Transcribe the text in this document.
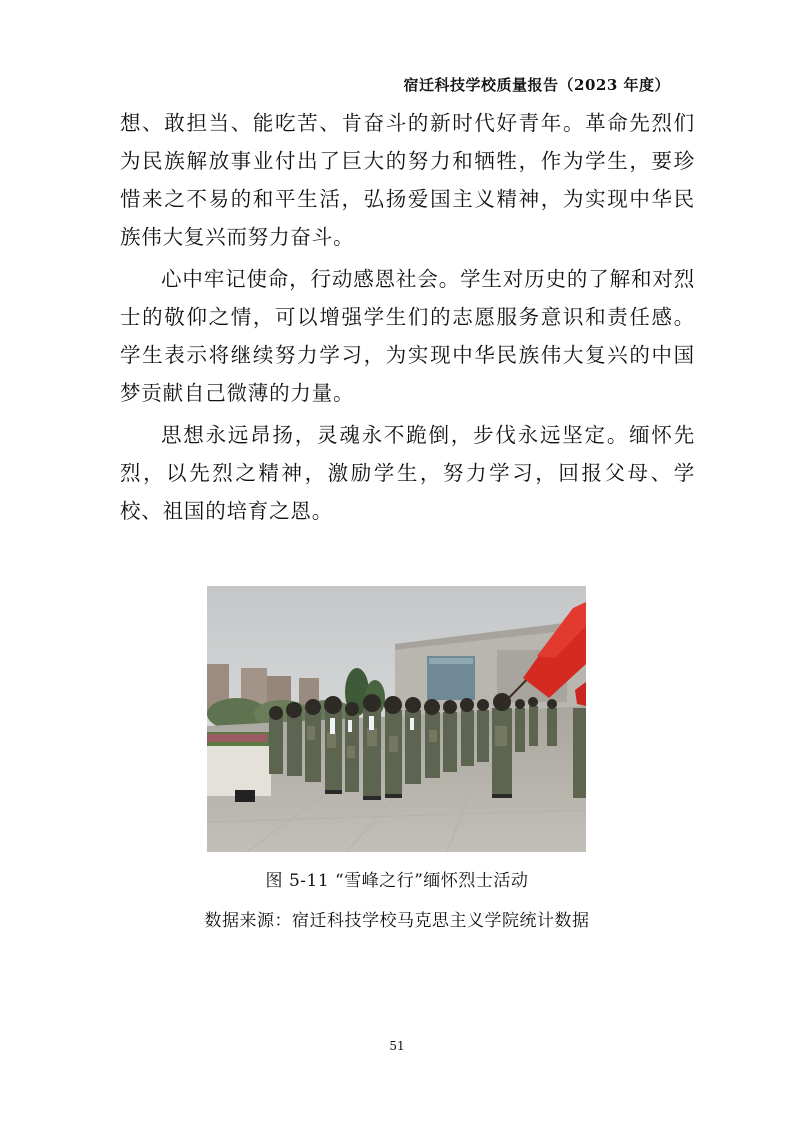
宿迁科技学校质量报告（2023 年度）

想、敢担当、能吃苦、肯奋斗的新时代好青年。革命先烈们为民族解放事业付出了巨大的努力和牺牲，作为学生，要珍惜来之不易的和平生活，弘扬爱国主义精神，为实现中华民族伟大复兴而努力奋斗。

心中牢记使命，行动感恩社会。学生对历史的了解和对烈士的敬仰之情，可以增强学生们的志愿服务意识和责任感。学生表示将继续努力学习，为实现中华民族伟大复兴的中国梦贡献自己微薄的力量。

思想永远昂扬，灵魂永不跪倒，步伐永远坚定。缅怀先烈，以先烈之精神，激励学生，努力学习，回报父母、学校、祖国的培育之恩。

图 5-11 “雪峰之行”缅怀烈士活动
数据来源：宿迁科技学校马克思主义学院统计数据
51
